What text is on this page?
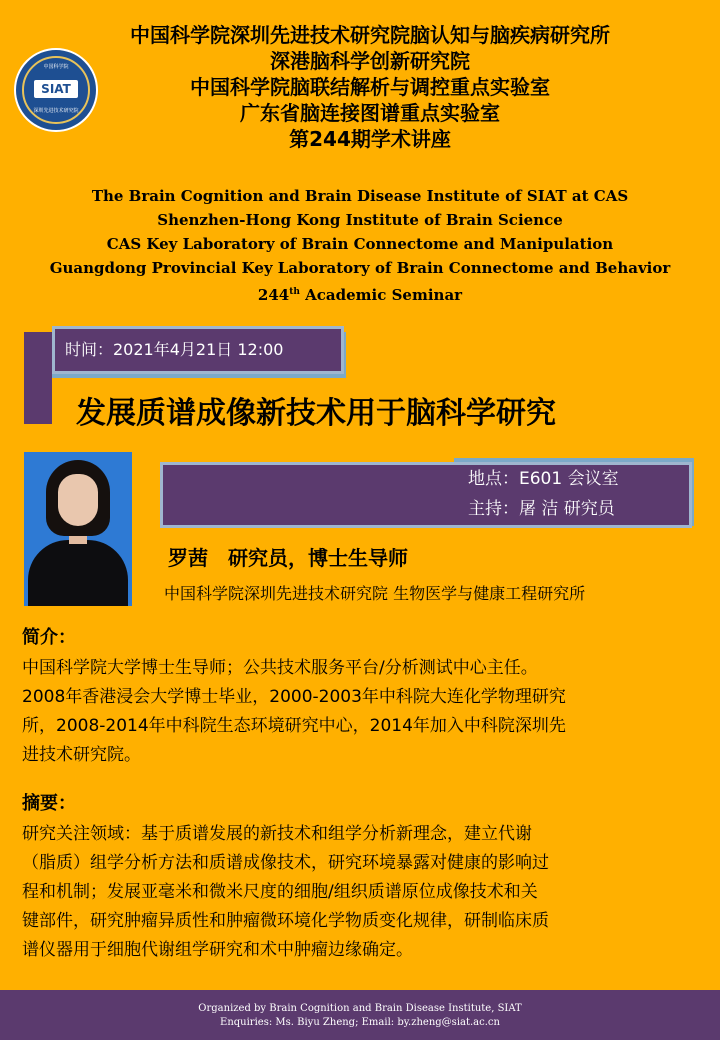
中国科学院
SIAT
深圳先进技术研究院
中国科学院深圳先进技术研究院脑认知与脑疾病研究所
深港脑科学创新研究院
中国科学院脑联结解析与调控重点实验室
广东省脑连接图谱重点实验室
第244期学术讲座
The Brain Cognition and Brain Disease Institute of SIAT at CAS
Shenzhen-Hong Kong Institute of Brain Science
CAS Key Laboratory of Brain Connectome and Manipulation
Guangdong Provincial Key Laboratory of Brain Connectome and Behavior
244th Academic Seminar
时间：2021年4月21日 12:00
发展质谱成像新技术用于脑科学研究
地点：E601 会议室
主持：屠 洁 研究员
罗茜　研究员，博士生导师
中国科学院深圳先进技术研究院 生物医学与健康工程研究所
简介：
中国科学院大学博士生导师；公共技术服务平台/分析测试中心主任。
2008年香港浸会大学博士毕业，2000-2003年中科院大连化学物理研究
所，2008-2014年中科院生态环境研究中心，2014年加入中科院深圳先
进技术研究院。
摘要：
研究关注领域：基于质谱发展的新技术和组学分析新理念，建立代谢
（脂质）组学分析方法和质谱成像技术，研究环境暴露对健康的影响过
程和机制；发展亚毫米和微米尺度的细胞/组织质谱原位成像技术和关
键部件，研究肿瘤异质性和肿瘤微环境化学物质变化规律，研制临床质
谱仪器用于细胞代谢组学研究和术中肿瘤边缘确定。
Organized by Brain Cognition and Brain Disease Institute, SIAT
Enquiries: Ms. Biyu Zheng; Email: by.zheng@siat.ac.cn
